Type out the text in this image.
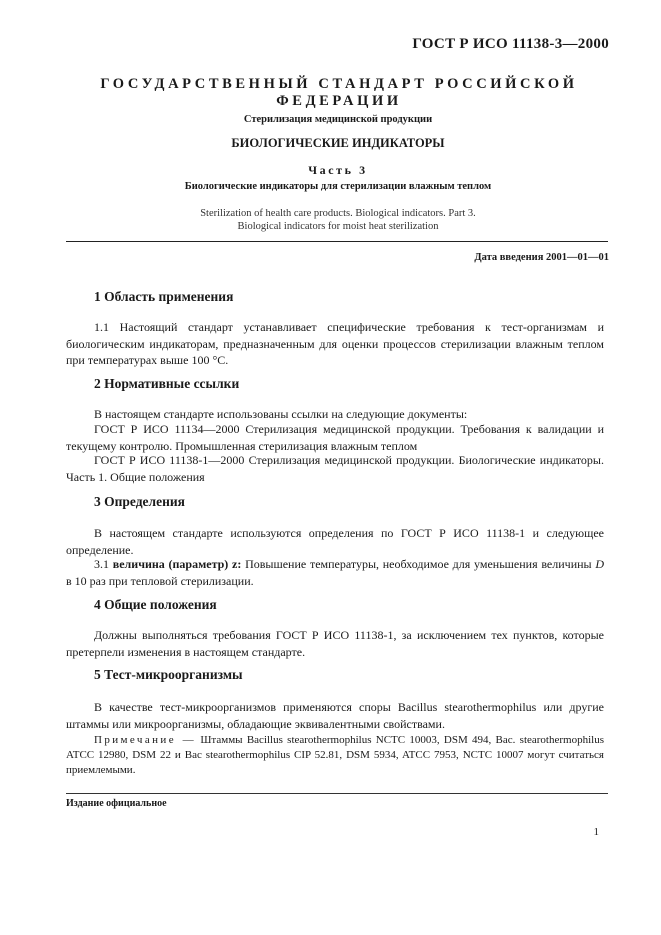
ГОСТ Р ИСО 11138-3—2000
ГОСУДАРСТВЕННЫЙ СТАНДАРТ РОССИЙСКОЙ ФЕДЕРАЦИИ
Стерилизация медицинской продукции
БИОЛОГИЧЕСКИЕ ИНДИКАТОРЫ
Часть 3
Биологические индикаторы для стерилизации влажным теплом
Sterilization of health care products. Biological indicators. Part 3.
Biological indicators for moist heat sterilization
Дата введения 2001—01—01
1 Область применения

1.1 Настоящий стандарт устанавливает специфические требования к тест-организмам и биологическим индикаторам, предназначенным для оценки процессов стерилизации влажным теплом при температурах выше 100 °С.

2 Нормативные ссылки

В настоящем стандарте использованы ссылки на следующие документы:

ГОСТ Р ИСО 11134—2000 Стерилизация медицинской продукции. Требования к валидации и текущему контролю. Промышленная стерилизация влажным теплом

ГОСТ Р ИСО 11138-1—2000 Стерилизация медицинской продукции. Биологические индикаторы. Часть 1. Общие положения

3 Определения

В настоящем стандарте используются определения по ГОСТ Р ИСО 11138-1 и следующее определение.

3.1 величина (параметр) z: Повышение температуры, необходимое для уменьшения величины D в 10 раз при тепловой стерилизации.

4 Общие положения

Должны выполняться требования ГОСТ Р ИСО 11138-1, за исключением тех пунктов, которые претерпели изменения в настоящем стандарте.

5 Тест-микроорганизмы

В качестве тест-микроорганизмов применяются споры Bacillus stearothermophilus или другие штаммы или микроорганизмы, обладающие эквивалентными свойствами.

Примечание — Штаммы Bacillus stearothermophilus NCTC 10003, DSM 494, Bac. stearothermophilus ATCC 12980, DSM 22 и Bac stearothermophilus CIP 52.81, DSM 5934, ATCC 7953, NCTC 10007 могут считаться приемлемыми.

Издание официальное
1
